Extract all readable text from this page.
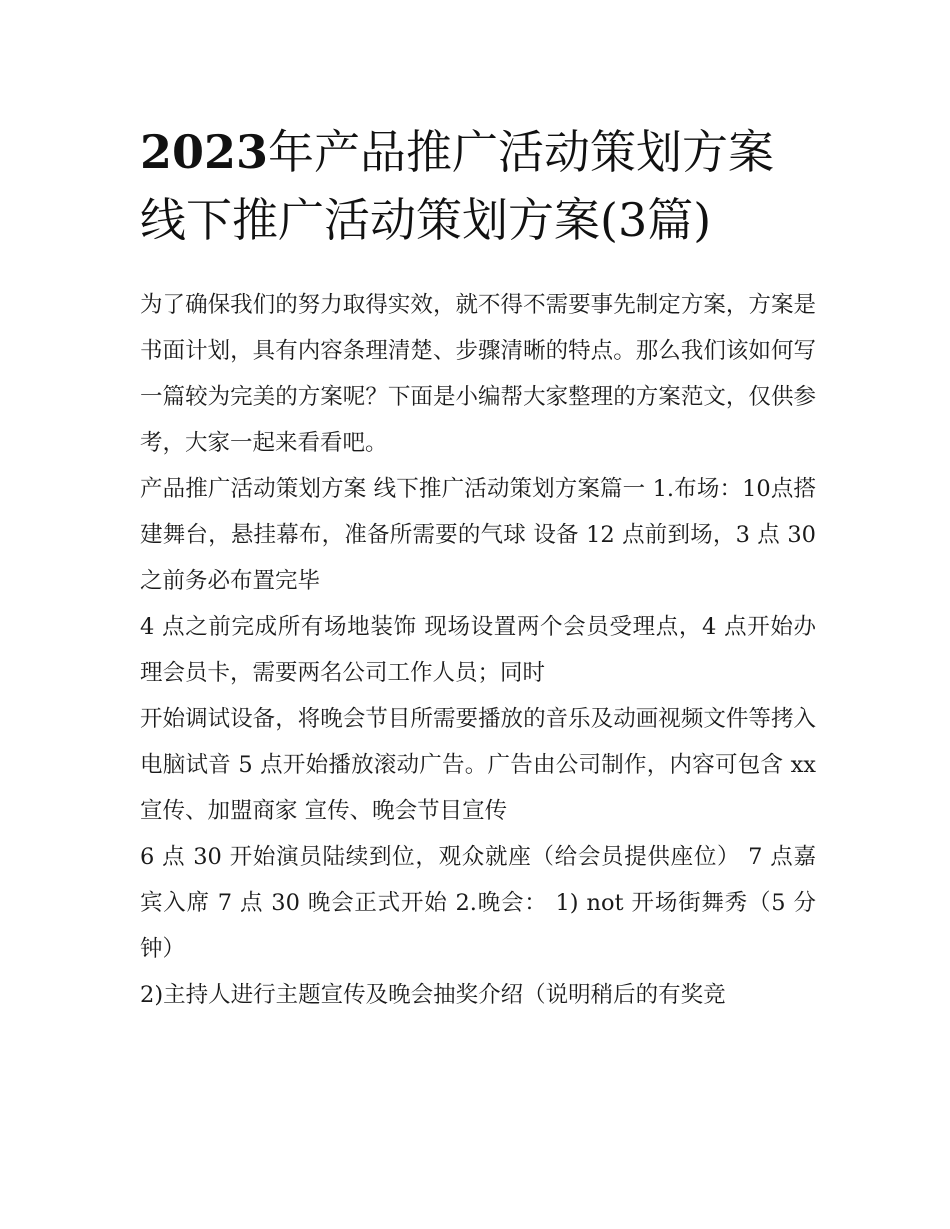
2023年产品推广活动策划方案线下推广活动策划方案(3篇)

为了确保我们的努力取得实效，就不得不需要事先制定方案，方案是书面计划，具有内容条理清楚、步骤清晰的特点。那么我们该如何写一篇较为完美的方案呢？下面是小编帮大家整理的方案范文，仅供参考，大家一起来看看吧。

产品推广活动策划方案 线下推广活动策划方案篇一 1.布场：10点搭建舞台，悬挂幕布，准备所需要的气球 设备 12 点前到场，3 点 30 之前务必布置完毕

4 点之前完成所有场地装饰 现场设置两个会员受理点，4 点开始办理会员卡，需要两名公司工作人员；同时

开始调试设备，将晚会节目所需要播放的音乐及动画视频文件等拷入电脑试音 5 点开始播放滚动广告。广告由公司制作，内容可包含 xx 宣传、加盟商家 宣传、晚会节目宣传

6 点 30 开始演员陆续到位，观众就座（给会员提供座位） 7 点嘉宾入席 7 点 30 晚会正式开始 2.晚会： 1) not 开场街舞秀（5 分钟）

2)主持人进行主题宣传及晚会抽奖介绍（说明稍后的有奖竞
